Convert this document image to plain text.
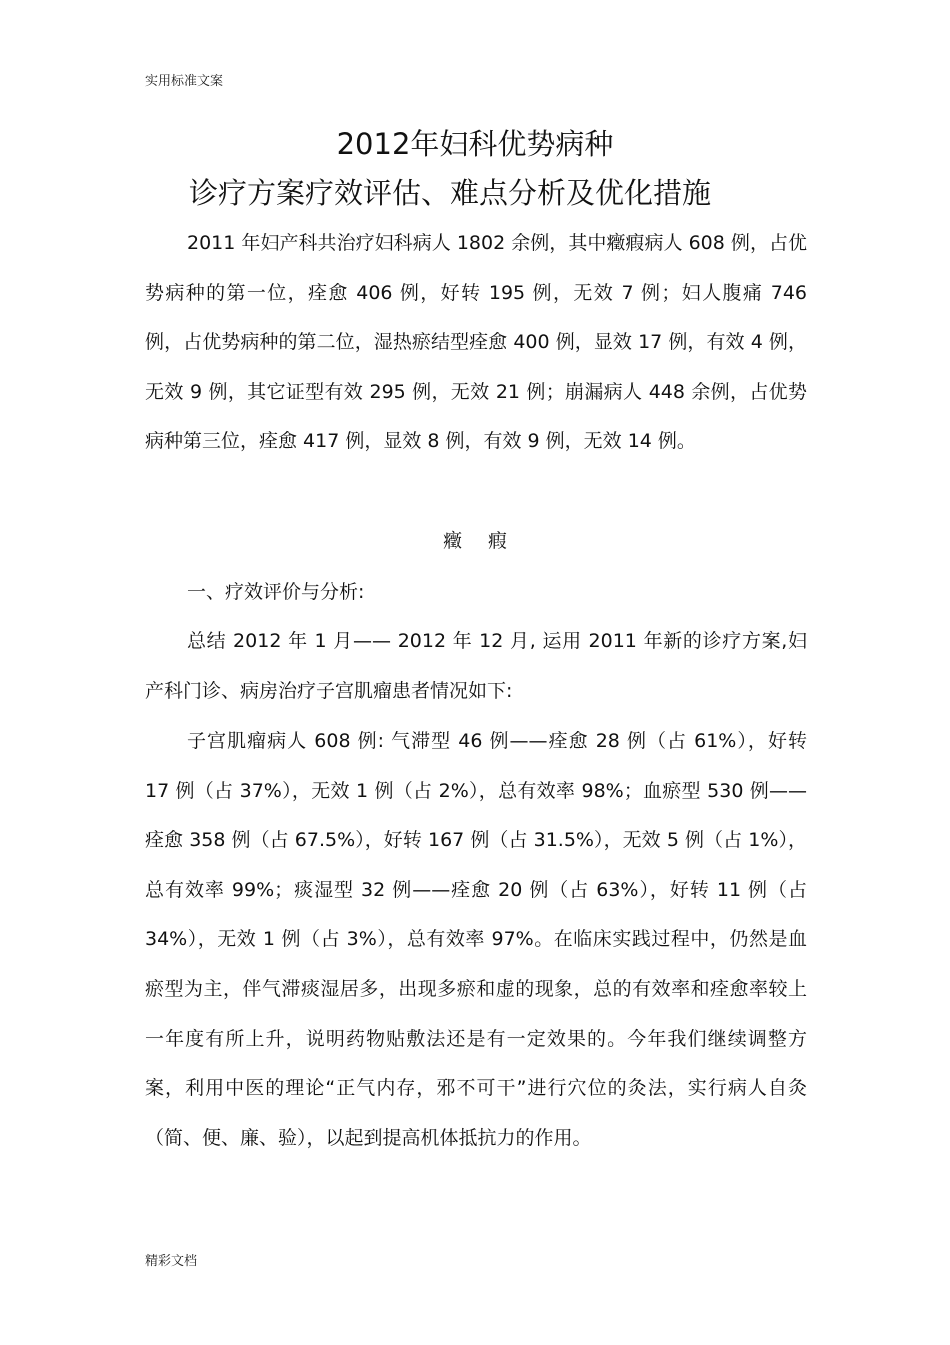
实用标准文案
2012年妇科优势病种
诊疗方案疗效评估、难点分析及优化措施

2011 年妇产科共治疗妇科病人 1802 余例，其中癥瘕病人 608 例，占优势病种的第一位，痊愈 406 例，好转 195 例，无效 7 例；妇人腹痛 746 例，占优势病种的第二位，湿热瘀结型痊愈 400 例，显效 17 例，有效 4 例，无效 9 例，其它证型有效 295 例，无效 21 例；崩漏病人 448 余例，占优势病种第三位，痊愈 417 例，显效 8 例，有效 9 例，无效 14 例。

癥瘕
一、疗效评价与分析:

总结 2012 年 1 月—— 2012 年 12 月, 运用 2011 年新的诊疗方案,妇产科门诊、病房治疗子宫肌瘤患者情况如下:

子宫肌瘤病人 608 例: 气滞型 46 例——痊愈 28 例（占 61%），好转 17 例（占 37%），无效 1 例（占 2%），总有效率 98%；血瘀型 530 例——痊愈 358 例（占 67.5%），好转 167 例（占 31.5%），无效 5 例（占 1%），总有效率 99%；痰湿型 32 例——痊愈 20 例（占 63%），好转 11 例（占 34%），无效 1 例（占 3%），总有效率 97%。在临床实践过程中，仍然是血瘀型为主，伴气滞痰湿居多，出现多瘀和虚的现象，总的有效率和痊愈率较上一年度有所上升，说明药物贴敷法还是有一定效果的。今年我们继续调整方案，利用中医的理论“正气内存，邪不可干”进行穴位的灸法，实行病人自灸（简、便、廉、验），以起到提高机体抵抗力的作用。

精彩文档
